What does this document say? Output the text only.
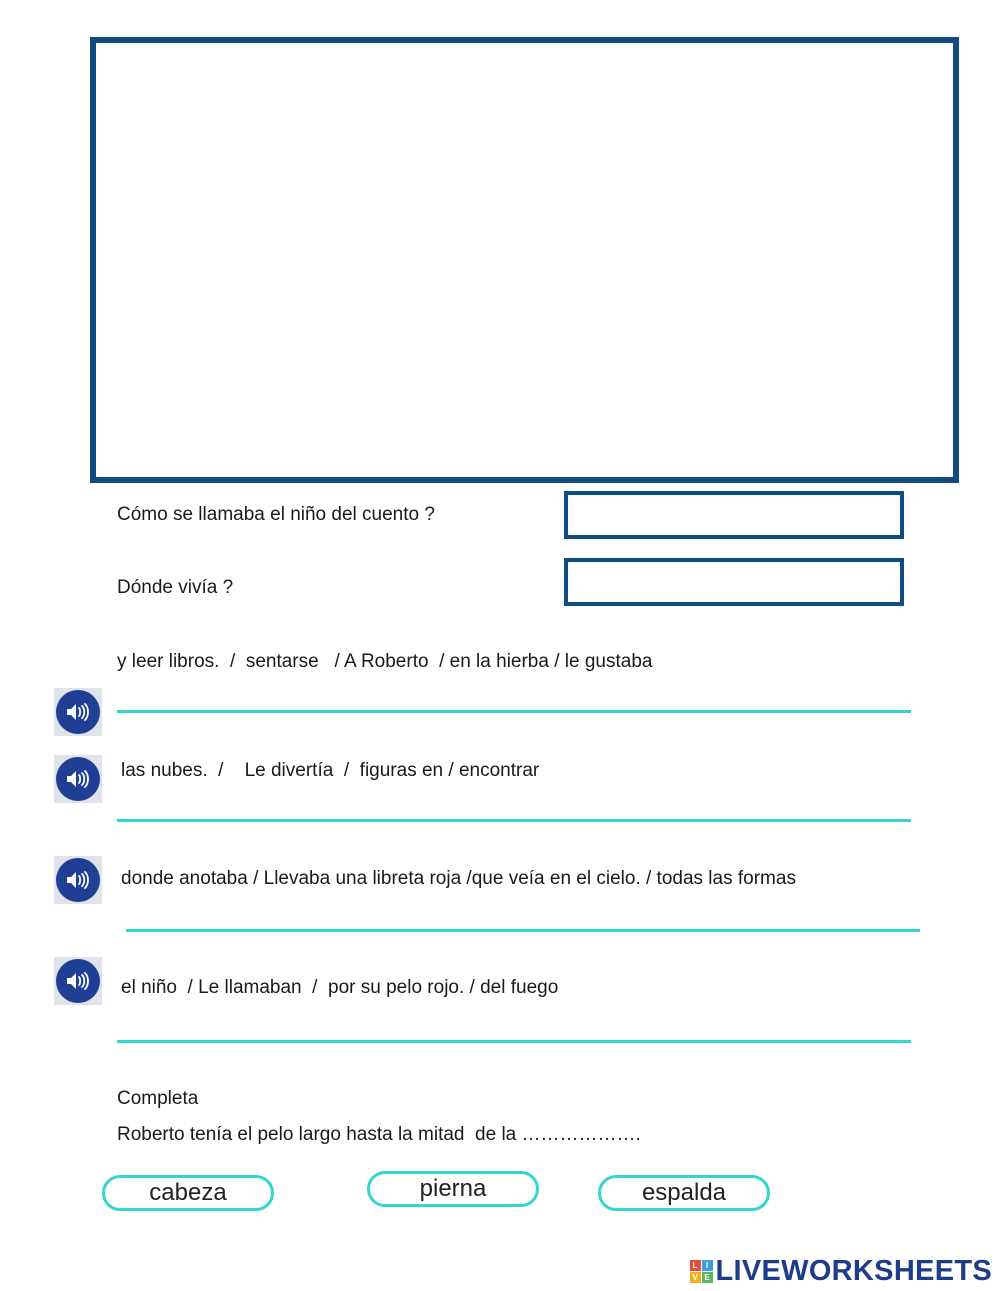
Cómo se llamaba el niño del cuento ?
Dónde vivía ?
y leer libros.  /  sentarse   / A Roberto  / en la hierba / le gustaba
las nubes.  /    Le divertía  /  figuras en / encontrar
donde anotaba / Llevaba una libreta roja /que veía en el cielo. / todas las formas
el niño  / Le llamaban  /  por su pelo rojo. / del fuego
Completa
Roberto tenía el pelo largo hasta la mitad  de la ……………….
cabeza	pierna	espalda
L	I
V E LIVEWORKSHEETS
